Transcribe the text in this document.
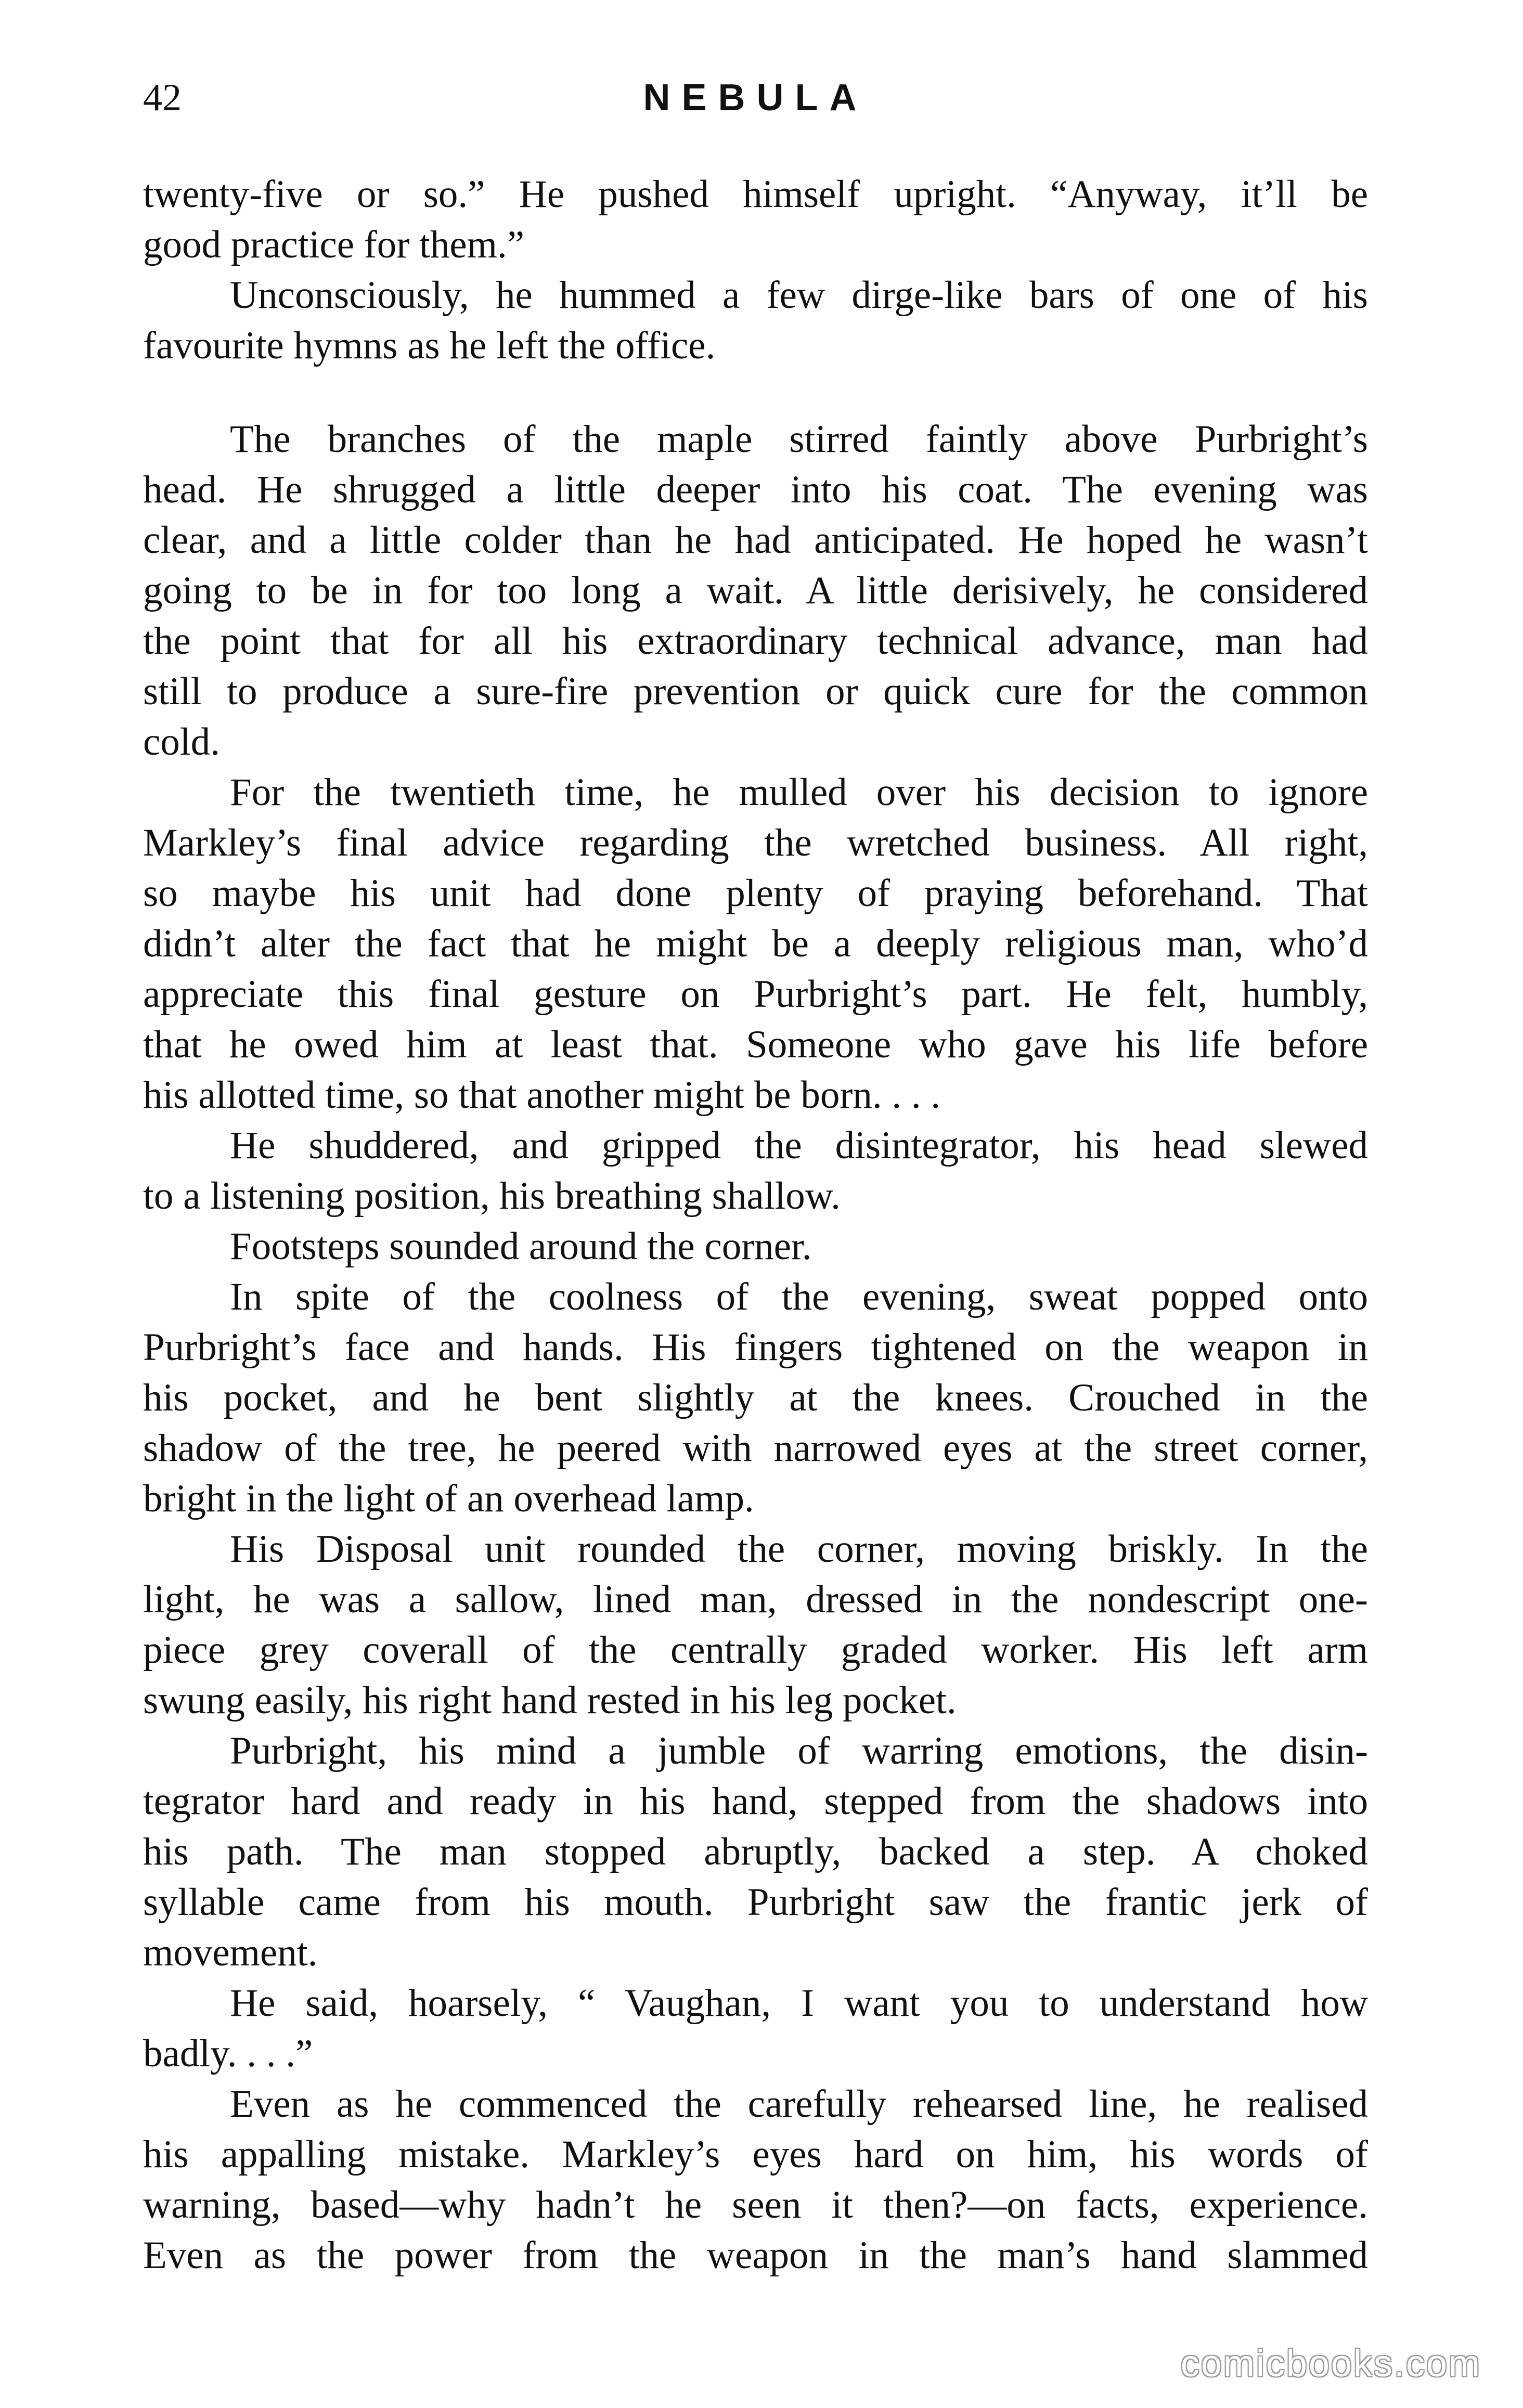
42	NEBULA
twenty-five or so.” He pushed himself upright. “Anyway, it’ll be
good practice for them.”
Unconsciously, he hummed a few dirge-like bars of one of his
favourite hymns as he left the office.
The branches of the maple stirred faintly above Purbright’s
head. He shrugged a little deeper into his coat. The evening was
clear, and a little colder than he had anticipated. He hoped he wasn’t
going to be in for too long a wait. A little derisively, he considered
the point that for all his extraordinary technical advance, man had
still to produce a sure-fire prevention or quick cure for the common
cold.
For the twentieth time, he mulled over his decision to ignore
Markley’s final advice regarding the wretched business. All right,
so maybe his unit had done plenty of praying beforehand. That
didn’t alter the fact that he might be a deeply religious man, who’d
appreciate this final gesture on Purbright’s part. He felt, humbly,
that he owed him at least that. Someone who gave his life before
his allotted time, so that another might be born. . . .
He shuddered, and gripped the disintegrator, his head slewed
to a listening position, his breathing shallow.
Footsteps sounded around the corner.
In spite of the coolness of the evening, sweat popped onto
Purbright’s face and hands. His fingers tightened on the weapon in
his pocket, and he bent slightly at the knees. Crouched in the
shadow of the tree, he peered with narrowed eyes at the street corner,
bright in the light of an overhead lamp.
His Disposal unit rounded the corner, moving briskly. In the
light, he was a sallow, lined man, dressed in the nondescript one-
piece grey coverall of the centrally graded worker. His left arm
swung easily, his right hand rested in his leg pocket.
Purbright, his mind a jumble of warring emotions, the disin-
tegrator hard and ready in his hand, stepped from the shadows into
his path. The man stopped abruptly, backed a step. A choked
syllable came from his mouth. Purbright saw the frantic jerk of
movement.
He said, hoarsely, “ Vaughan, I want you to understand how
badly. . . .”
Even as he commenced the carefully rehearsed line, he realised
his appalling mistake. Markley’s eyes hard on him, his words of
warning, based—why hadn’t he seen it then?—on facts, experience.
Even as the power from the weapon in the man’s hand slammed
comicbooks.com
